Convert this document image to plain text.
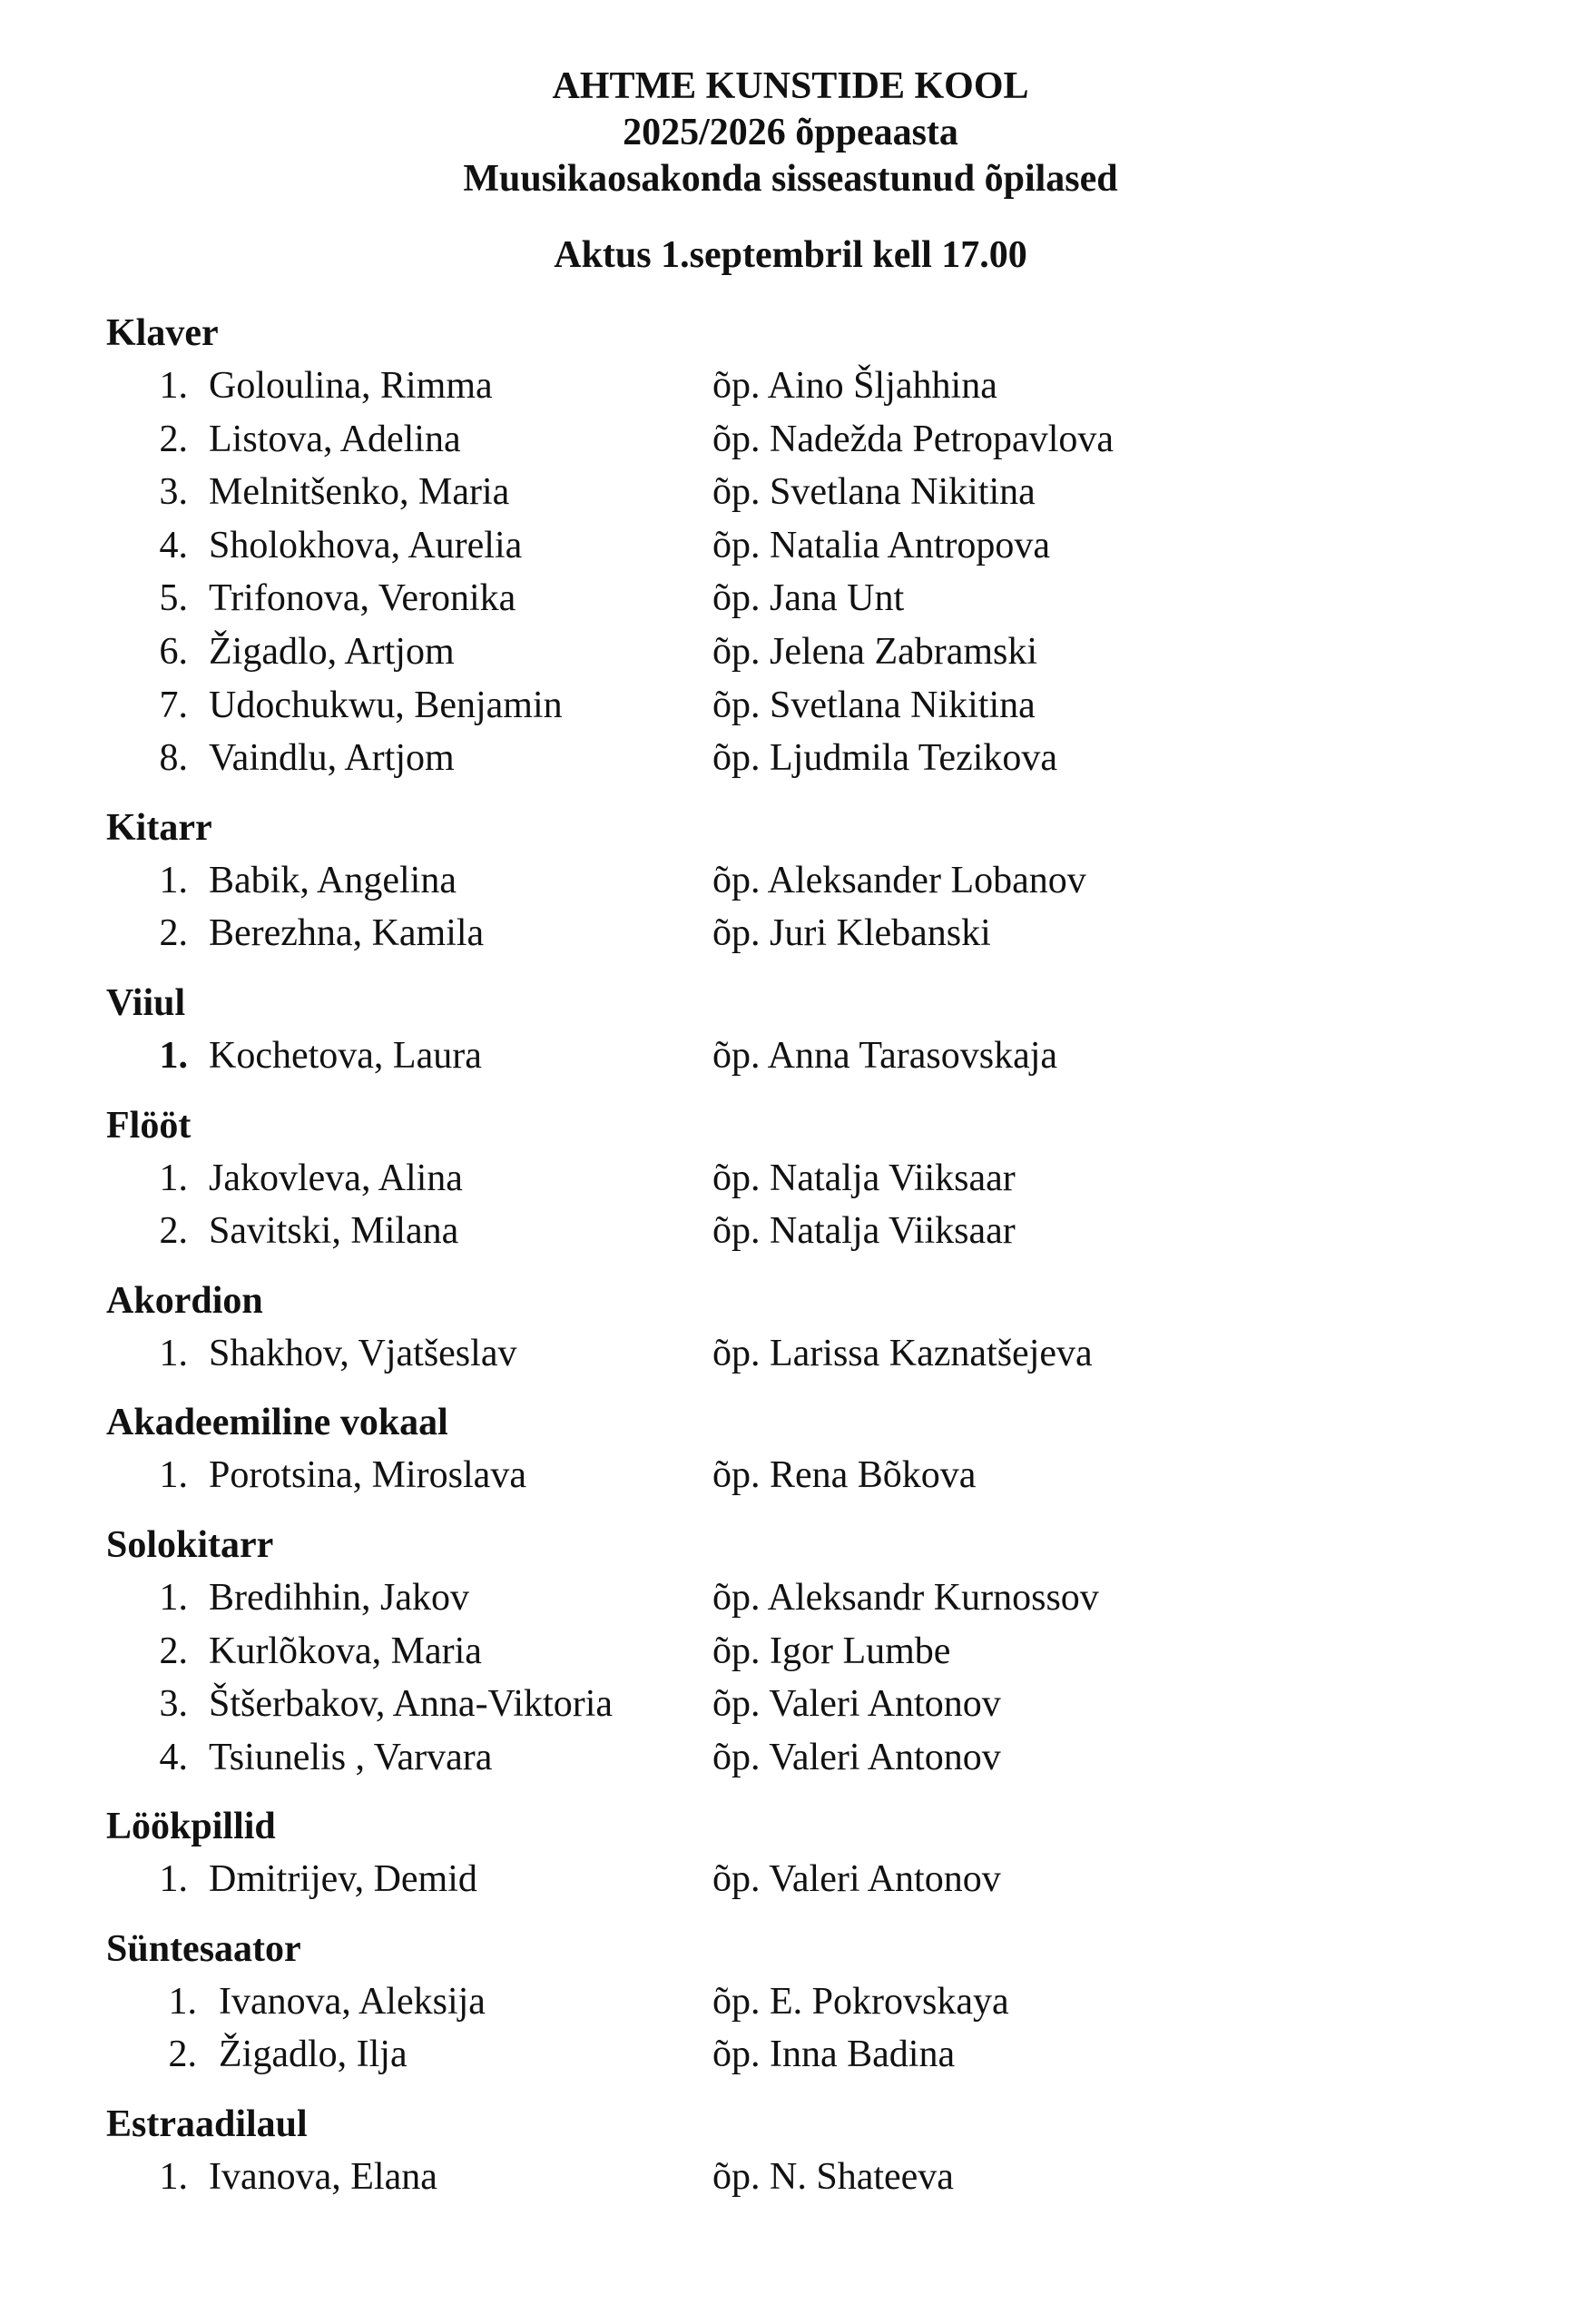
AHTME KUNSTIDE KOOL
2025/2026 õppeaasta
Muusikaosakonda sisseastunud õpilased
Aktus 1.septembril kell 17.00
Klaver
1. Goloulina, Rimma	õp. Aino Šljahhina
2. Listova, Adelina	õp. Nadežda Petropavlova
3. Melnitšenko, Maria	õp. Svetlana Nikitina
4. Sholokhova, Aurelia	õp. Natalia Antropova
5. Trifonova, Veronika	õp. Jana Unt
6. Žigadlo, Artjom	õp. Jelena Zabramski
7. Udochukwu, Benjamin	õp. Svetlana Nikitina
8. Vaindlu, Artjom	õp. Ljudmila Tezikova
Kitarr
1. Babik, Angelina	õp. Aleksander Lobanov
2. Berezhna, Kamila	õp. Juri Klebanski
Viiul
1. Kochetova, Laura	õp. Anna Tarasovskaja
Flööt
1. Jakovleva, Alina	õp. Natalja Viiksaar
2. Savitski, Milana	õp. Natalja Viiksaar
Akordion
1. Shakhov, Vjatšeslav	õp. Larissa Kaznatšejeva
Akadeemiline vokaal
1. Porotsina, Miroslava	õp. Rena Bõkova
Solokitarr
1. Bredihhin, Jakov	õp. Aleksandr Kurnossov
2. Kurlõkova, Maria	õp. Igor Lumbe
3. Štšerbakov, Anna-Viktoria	õp. Valeri Antonov
4. Tsiunelis , Varvara	õp. Valeri Antonov
Löökpillid
1. Dmitrijev, Demid	õp. Valeri Antonov
Süntesaator
1. Ivanova, Aleksija	õp. E. Pokrovskaya
2. Žigadlo, Ilja	õp. Inna Badina
Estraadilaul
1. Ivanova, Elana	õp. N. Shateeva
